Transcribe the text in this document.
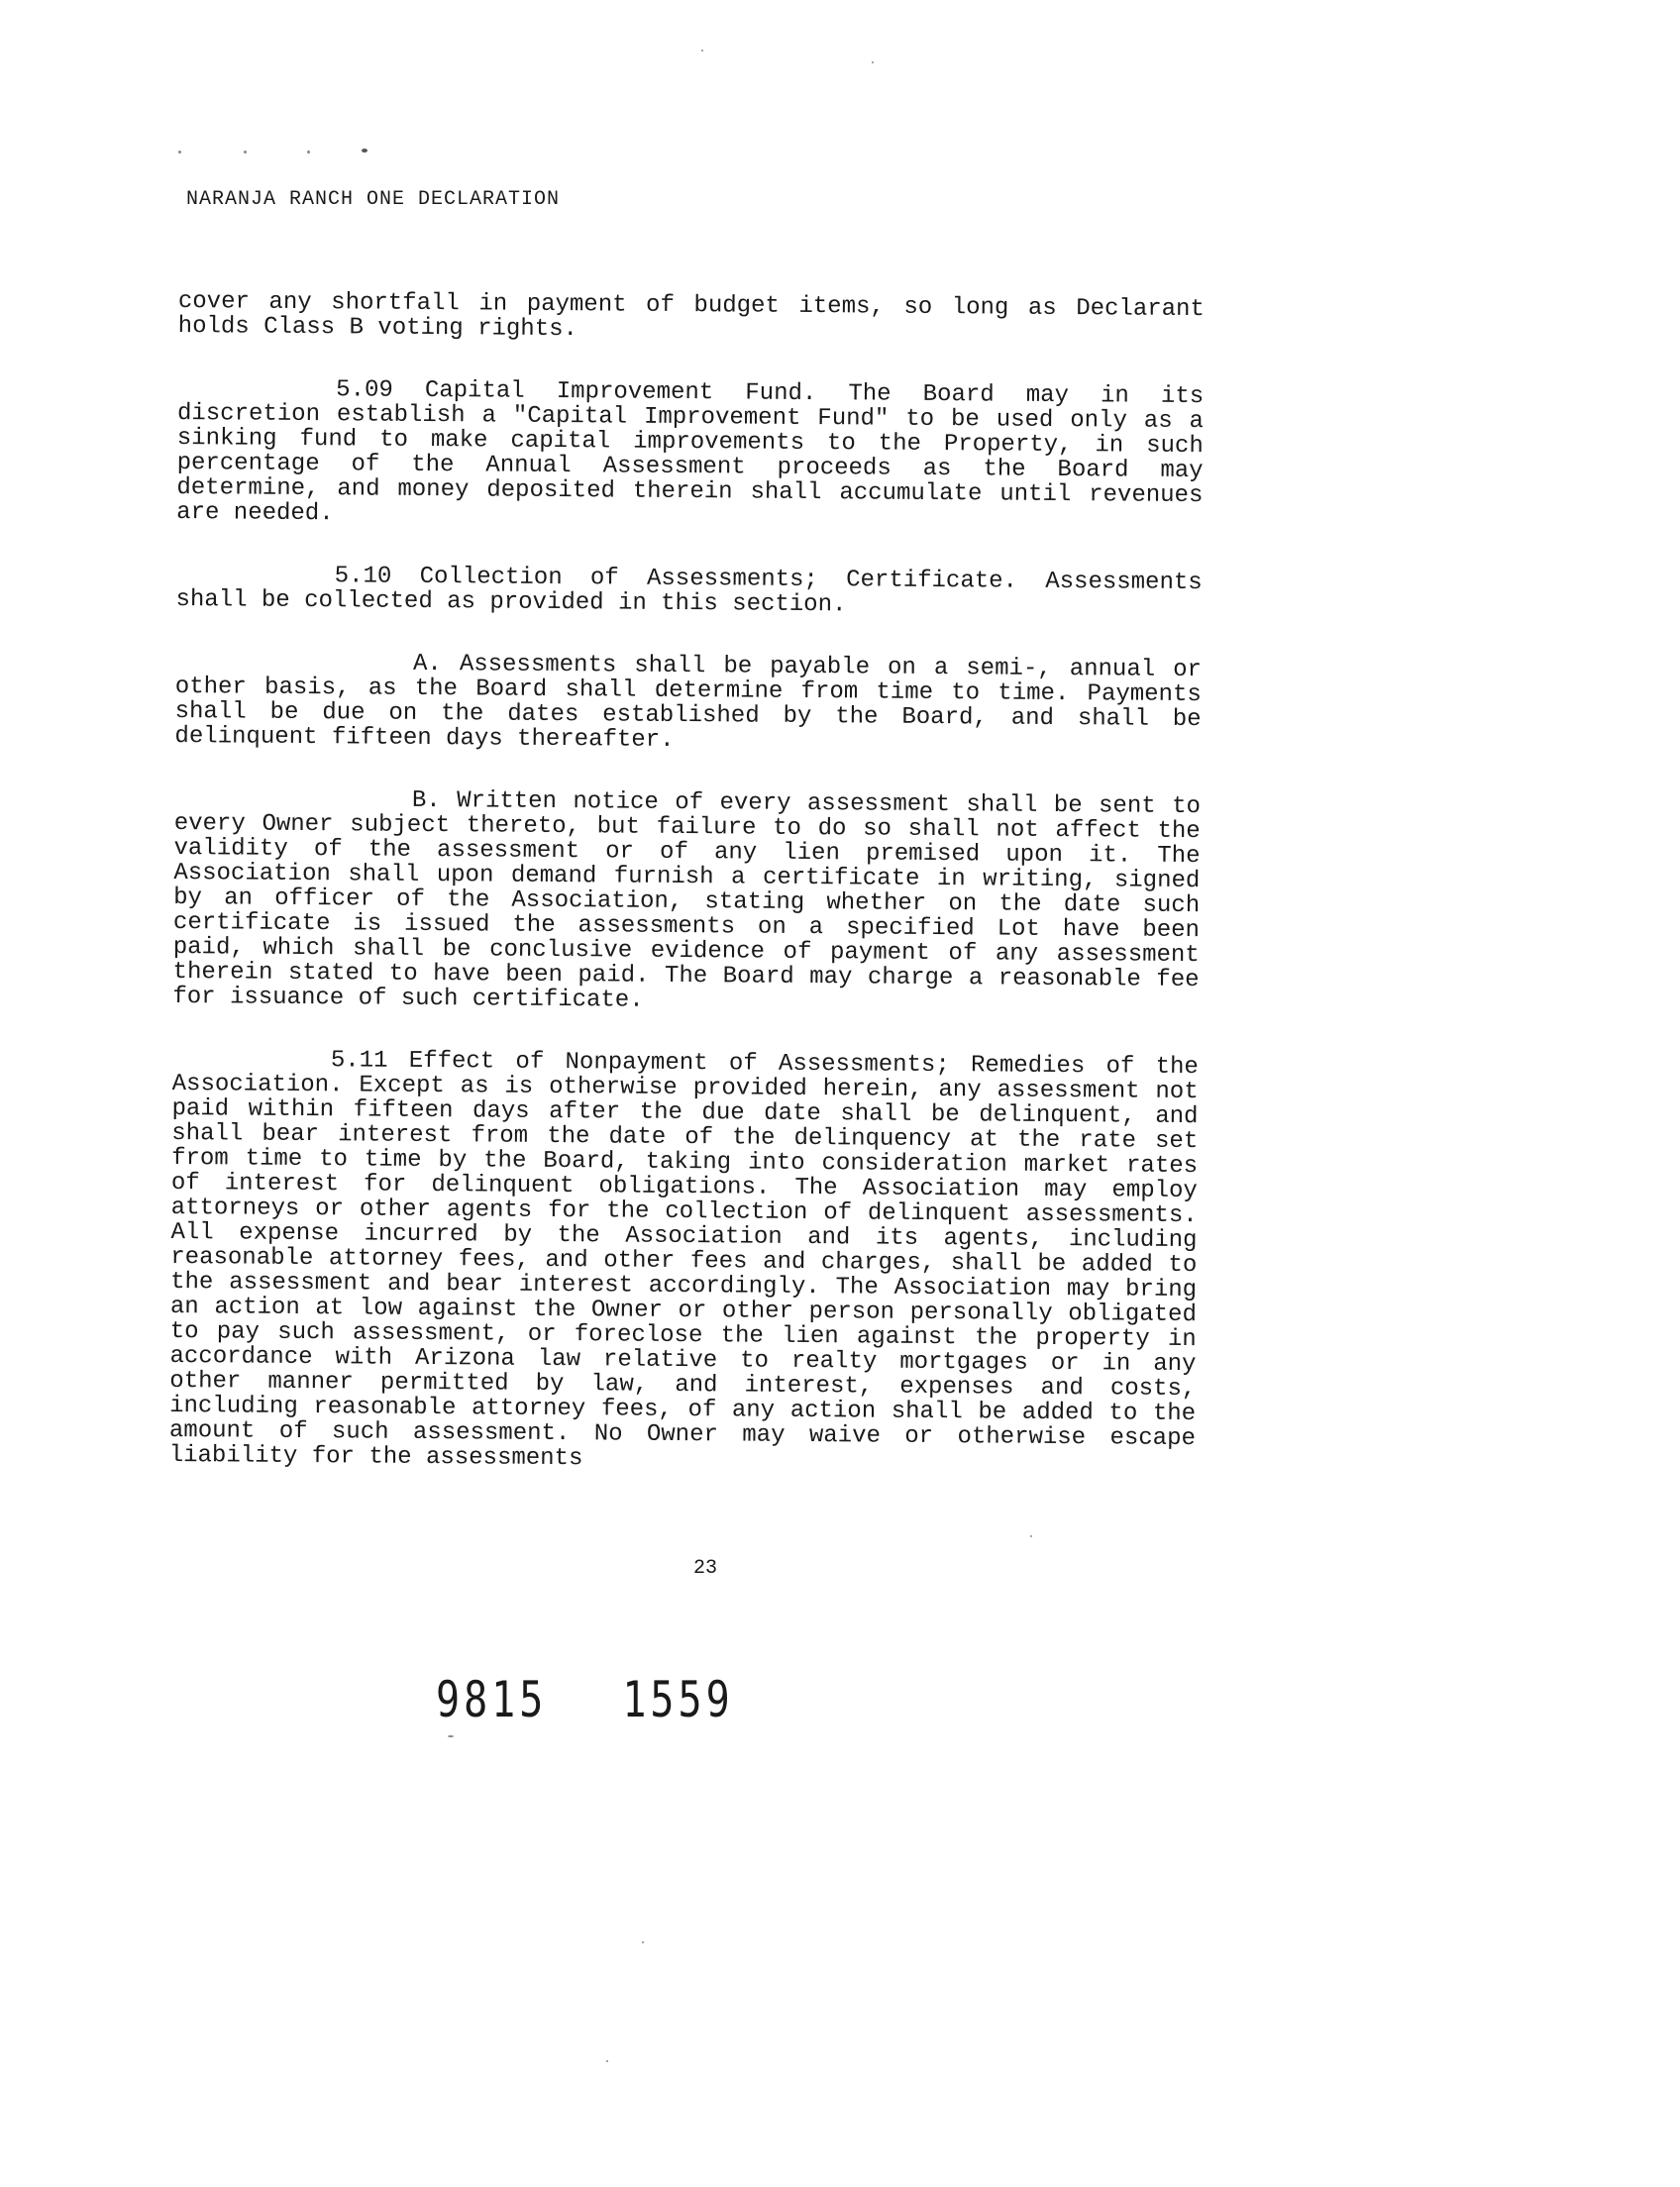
NARANJA RANCH ONE DECLARATION

cover any shortfall in payment of budget items, so long as Declarant holds Class B voting rights.

5.09 Capital Improvement Fund. The Board may in its discretion establish a "Capital Improvement Fund" to be used only as a sinking fund to make capital improvements to the Property, in such percentage of the Annual Assessment proceeds as the Board may determine, and money deposited therein shall accumulate until revenues are needed.

5.10 Collection of Assessments; Certificate. Assessments shall be collected as provided in this section.

A. Assessments shall be payable on a semi-, annual or other basis, as the Board shall determine from time to time. Payments shall be due on the dates established by the Board, and shall be delinquent fifteen days thereafter.

B. Written notice of every assessment shall be sent to every Owner subject thereto, but failure to do so shall not affect the validity of the assessment or of any lien premised upon it. The Association shall upon demand furnish a certificate in writing, signed by an officer of the Association, stating whether on the date such certificate is issued the assessments on a specified Lot have been paid, which shall be conclusive evidence of payment of any assessment therein stated to have been paid. The Board may charge a reasonable fee for issuance of such certificate.

5.11 Effect of Nonpayment of Assessments; Remedies of the Association. Except as is otherwise provided herein, any assessment not paid within fifteen days after the due date shall be delinquent, and shall bear interest from the date of the delinquency at the rate set from time to time by the Board, taking into consideration market rates of interest for delinquent obligations. The Association may employ attorneys or other agents for the collection of delinquent assessments. All expense incurred by the Association and its agents, including reasonable attorney fees, and other fees and charges, shall be added to the assessment and bear interest accordingly. The Association may bring an action at low against the Owner or other person personally obligated to pay such assessment, or foreclose the lien against the property in accordance with Arizona law relative to realty mortgages or in any other manner permitted by law, and interest, expenses and costs, including reasonable attorney fees, of any action shall be added to the amount of such assessment. No Owner may waive or otherwise escape liability for the assessments

23
9815 1559
